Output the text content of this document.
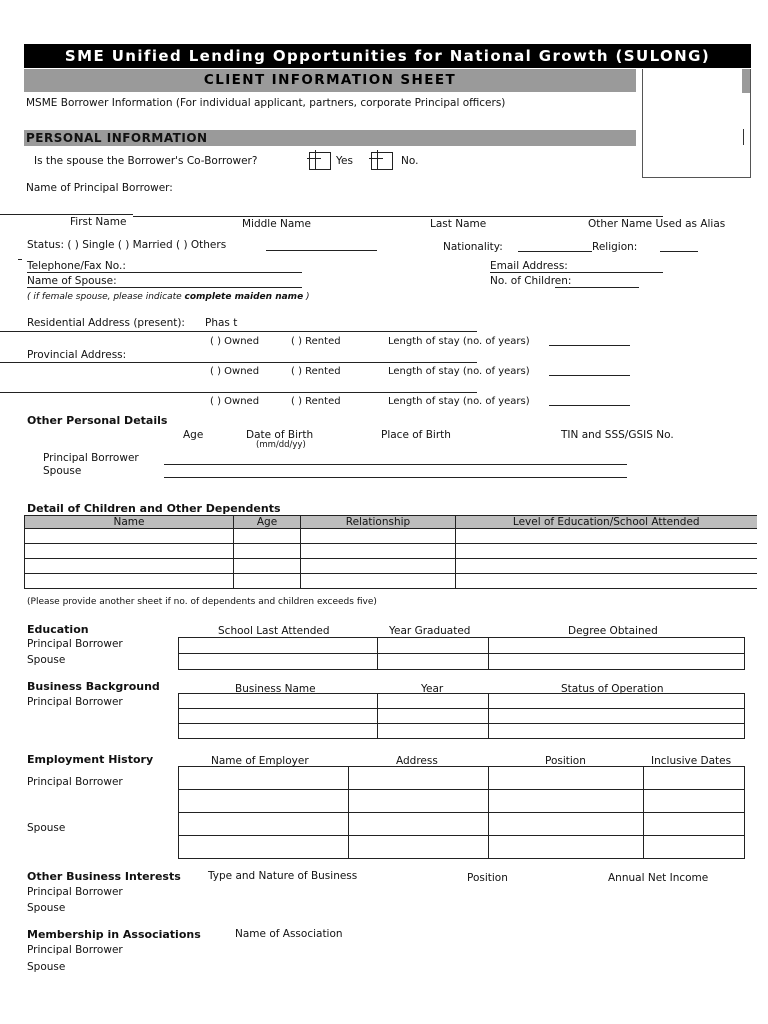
SME Unified Lending Opportunities for National Growth (SULONG)
CLIENT INFORMATION SHEET
MSME Borrower Information (For individual applicant, partners, corporate Principal officers)
PERSONAL INFORMATION
Is the spouse the Borrower's Co-Borrower?	Yes	No.
Name of Principal Borrower:
First Name	Middle Name	Last Name	Other Name Used as Alias
Status: ( ) Single ( ) Married ( ) Others	Nationality:	Religion:
Telephone/Fax No.:	Email Address:
Name of Spouse:	No. of Children:
( if female spouse, please indicate complete maiden name )
Residential Address (present): Phas t
( ) Owned	( ) Rented	Length of stay (no. of years)
Provincial Address:
( ) Owned	( ) Rented	Length of stay (no. of years)
( ) Owned	( ) Rented	Length of stay (no. of years)
Other Personal Details
Age	Date of Birth
(mm/dd/yy)
Place of Birth	TIN and SSS/GSIS No.
Principal Borrower
Spouse
Detail of Children and Other Dependents
Name	Age	Relationship	Level of Education/School Attended

(Please provide another sheet if no. of dependents and children exceeds five)
Education	School Last Attended	Year Graduated	Degree Obtained
Principal Borrower
Spouse

Business Background	Business Name	Year	Status of Operation
Principal Borrower

Employment History	Name of Employer	Address	Position	Inclusive Dates
Principal Borrower
Spouse

Other Business Interests	Type and Nature of Business	Position	Annual Net Income
Principal Borrower
Spouse
Membership in Associations	Name of Association
Principal Borrower
Spouse
